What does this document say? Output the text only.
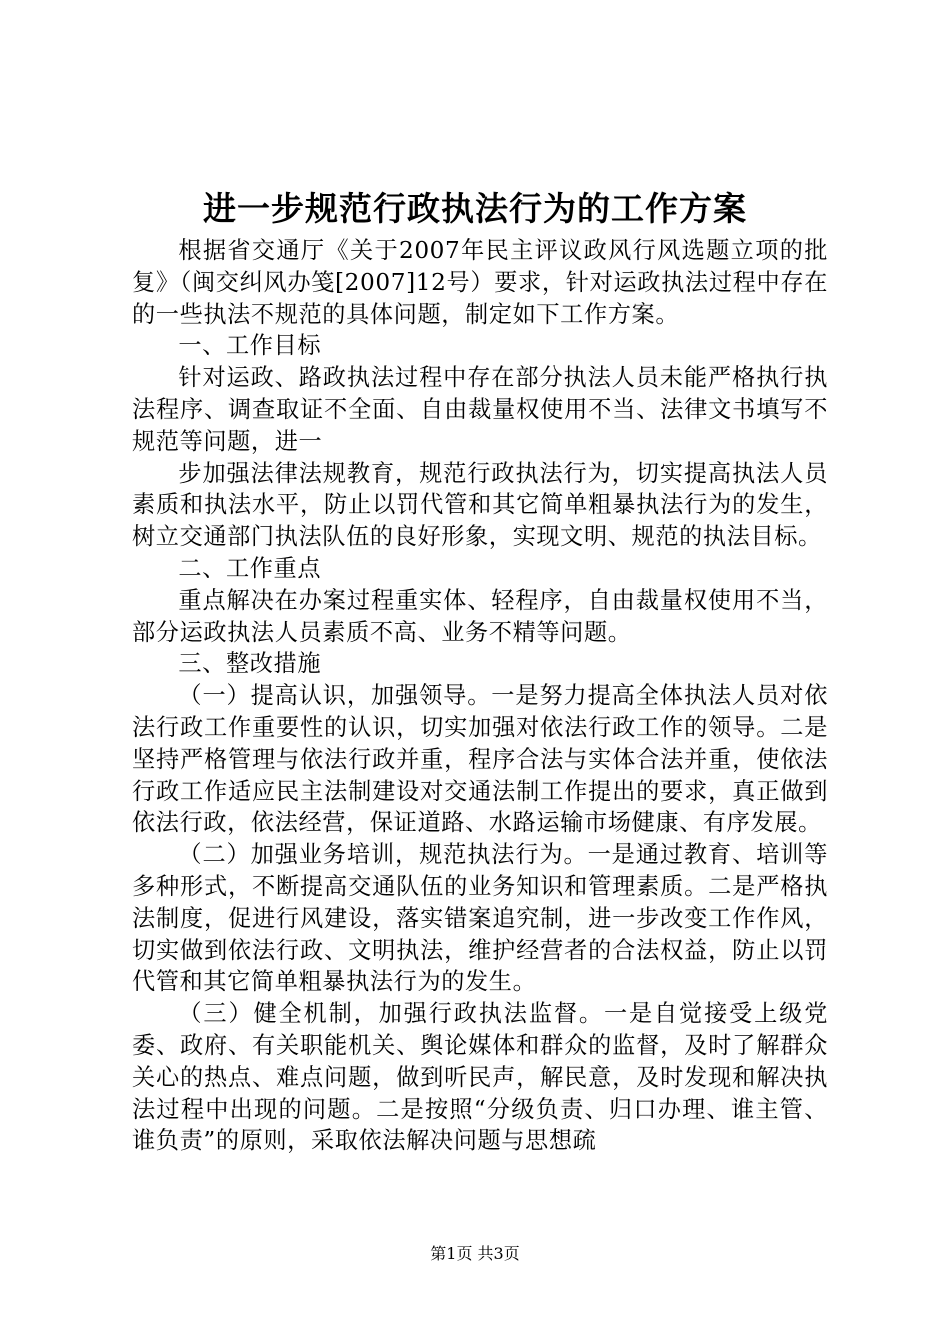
进一步规范行政执法行为的工作方案

根据省交通厅《关于2007年民主评议政风行风选题立项的批复》（闽交纠风办笺[2007]12号）要求，针对运政执法过程中存在的一些执法不规范的具体问题，制定如下工作方案。

一、工作目标

针对运政、路政执法过程中存在部分执法人员未能严格执行执法程序、调查取证不全面、自由裁量权使用不当、法律文书填写不规范等问题，进一

步加强法律法规教育，规范行政执法行为，切实提高执法人员素质和执法水平，防止以罚代管和其它简单粗暴执法行为的发生，树立交通部门执法队伍的良好形象，实现文明、规范的执法目标。

二、工作重点

重点解决在办案过程重实体、轻程序，自由裁量权使用不当，部分运政执法人员素质不高、业务不精等问题。

三、整改措施

（一）提高认识，加强领导。一是努力提高全体执法人员对依法行政工作重要性的认识，切实加强对依法行政工作的领导。二是坚持严格管理与依法行政并重，程序合法与实体合法并重，使依法行政工作适应民主法制建设对交通法制工作提出的要求，真正做到依法行政，依法经营，保证道路、水路运输市场健康、有序发展。

（二）加强业务培训，规范执法行为。一是通过教育、培训等多种形式，不断提高交通队伍的业务知识和管理素质。二是严格执法制度，促进行风建设，落实错案追究制，进一步改变工作作风，切实做到依法行政、文明执法，维护经营者的合法权益，防止以罚代管和其它简单粗暴执法行为的发生。

（三）健全机制，加强行政执法监督。一是自觉接受上级党委、政府、有关职能机关、舆论媒体和群众的监督，及时了解群众关心的热点、难点问题，做到听民声，解民意，及时发现和解决执法过程中出现的问题。二是按照“分级负责、归口办理、谁主管、谁负责”的原则，采取依法解决问题与思想疏

第1页 共3页
